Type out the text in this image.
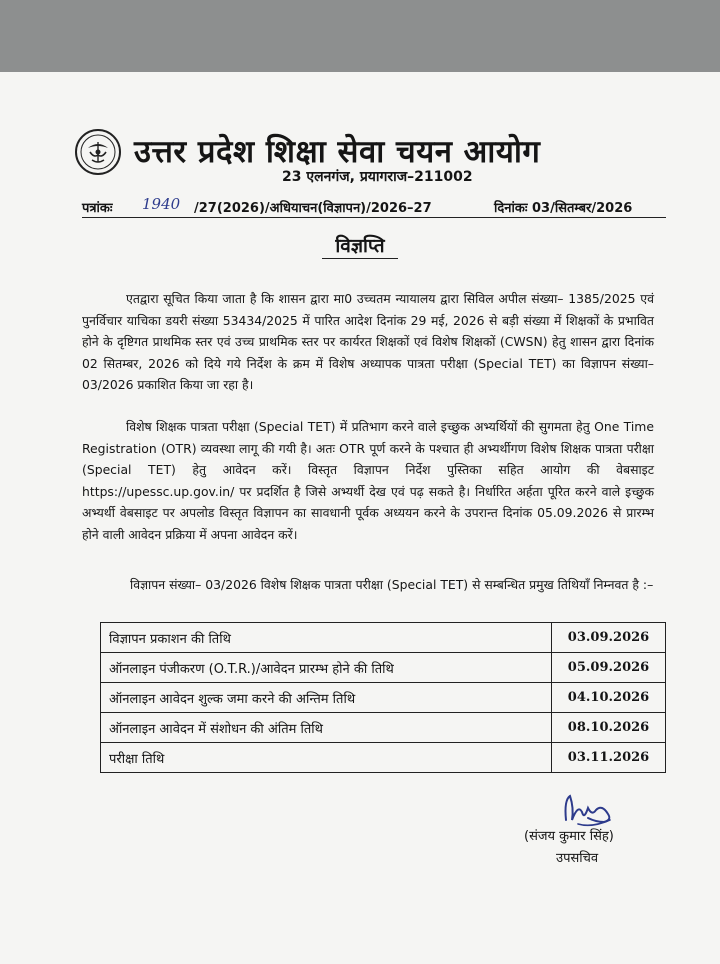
उत्तर प्रदेश शिक्षा सेवा चयन आयोग
23 एलनगंज, प्रयागराज–211002
पत्रांकः 1940 /27(2026)/अधियाचन(विज्ञापन)/2026–27	दिनांकः 03/सितम्बर/2026
विज्ञप्ति

एतद्वारा सूचित किया जाता है कि शासन द्वारा मा0 उच्चतम न्यायालय द्वारा सिविल अपील संख्या– 1385/2025 एवं पुनर्विचार याचिका डयरी संख्या 53434/2025 में पारित आदेश दिनांक 29 मई, 2026 से बड़ी संख्या में शिक्षकों के प्रभावित होने के दृष्टिगत प्राथमिक स्तर एवं उच्च प्राथमिक स्तर पर कार्यरत शिक्षकों एवं विशेष शिक्षकों (CWSN) हेतु शासन द्वारा दिनांक 02 सितम्बर, 2026 को दिये गये निर्देश के क्रम में विशेष अध्यापक पात्रता परीक्षा (Special TET) का विज्ञापन संख्या– 03/2026 प्रकाशित किया जा रहा है।

विशेष शिक्षक पात्रता परीक्षा (Special TET) में प्रतिभाग करने वाले इच्छुक अभ्यर्थियों की सुगमता हेतु One Time Registration (OTR) व्यवस्था लागू की गयी है। अतः OTR पूर्ण करने के पश्चात ही अभ्यर्थीगण विशेष शिक्षक पात्रता परीक्षा (Special TET) हेतु आवेदन करें। विस्तृत विज्ञापन निर्देश पुस्तिका सहित आयोग की वेबसाइट https://upessc.up.gov.in/ पर प्रदर्शित है जिसे अभ्यर्थी देख एवं पढ़ सकते है। निर्धारित अर्हता पूरित करने वाले इच्छुक अभ्यर्थी वेबसाइट पर अपलोड विस्तृत विज्ञापन का सावधानी पूर्वक अध्ययन करने के उपरान्त दिनांक 05.09.2026 से प्रारम्भ होने वाली आवेदन प्रक्रिया में अपना आवेदन करें।

विज्ञापन संख्या– 03/2026 विशेष शिक्षक पात्रता परीक्षा (Special TET) से सम्बन्धित प्रमुख तिथियाँ निम्नवत है :–

विज्ञापन प्रकाशन की तिथि	03.09.2026
ऑनलाइन पंजीकरण (O.T.R.)/आवेदन प्रारम्भ होने की तिथि	05.09.2026
ऑनलाइन आवेदन शुल्क जमा करने की अन्तिम तिथि	04.10.2026
ऑनलाइन आवेदन में संशोधन की अंतिम तिथि	08.10.2026
परीक्षा तिथि	03.11.2026
(संजय कुमार सिंह)
उपसचिव
